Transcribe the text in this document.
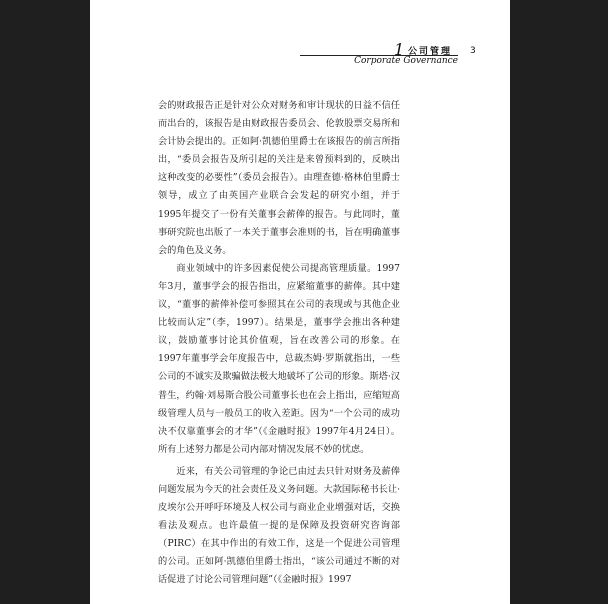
1 公司管理 3
Corporate Governance

会的财政报告正是针对公众对财务和审计现状的日益不信任而出台的，该报告是由财政报告委员会、伦敦股票交易所和会计协会提出的。正如阿·凯德伯里爵士在该报告的前言所指出，“委员会报告及所引起的关注是来曾预料到的，反映出这种改变的必要性”（委员会报告）。由理查德·格林伯里爵士领导，成立了由英国产业联合会发起的研究小组，并于1995年提交了一份有关董事会薪俸的报告。与此同时，董事研究院也出版了一本关于董事会准则的书，旨在明确董事会的角色及义务。

商业领域中的许多因素促使公司提高管理质量。1997年3月，董事学会的报告指出，应紧缩董事的薪俸。其中建议，“董事的薪俸补偿可参照其在公司的表现或与其他企业比较而认定”（李，1997）。结果是，董事学会推出各种建议，鼓励董事讨论其价值观，旨在改善公司的形象。在1997年董事学会年度报告中，总裁杰姆·罗斯就指出，一些公司的不诚实及欺骗做法极大地破坏了公司的形象。斯塔·汉普生，约翰·刘易斯合股公司董事长也在会上指出，应缩短高级管理人员与一般员工的收入差距。因为“一个公司的成功决不仅靠董事会的才华”（《金融时报》1997年4月24日）。所有上述努力都是公司内部对情况发展不妙的忧虑。

近来，有关公司管理的争论已由过去只针对财务及薪俸问题发展为今天的社会责任及义务问题。大款国际秘书长让·皮埃尔公开呼吁环境及人权公司与商业企业增强对话，交换看法及观点。也许最值一提的是保障及投资研究咨询部（PIRC）在其中作出的有效工作，这是一个促进公司管理的公司。正如阿·凯德伯里爵士指出，“该公司通过不断的对话促进了讨论公司管理问题”（《金融时报》1997
